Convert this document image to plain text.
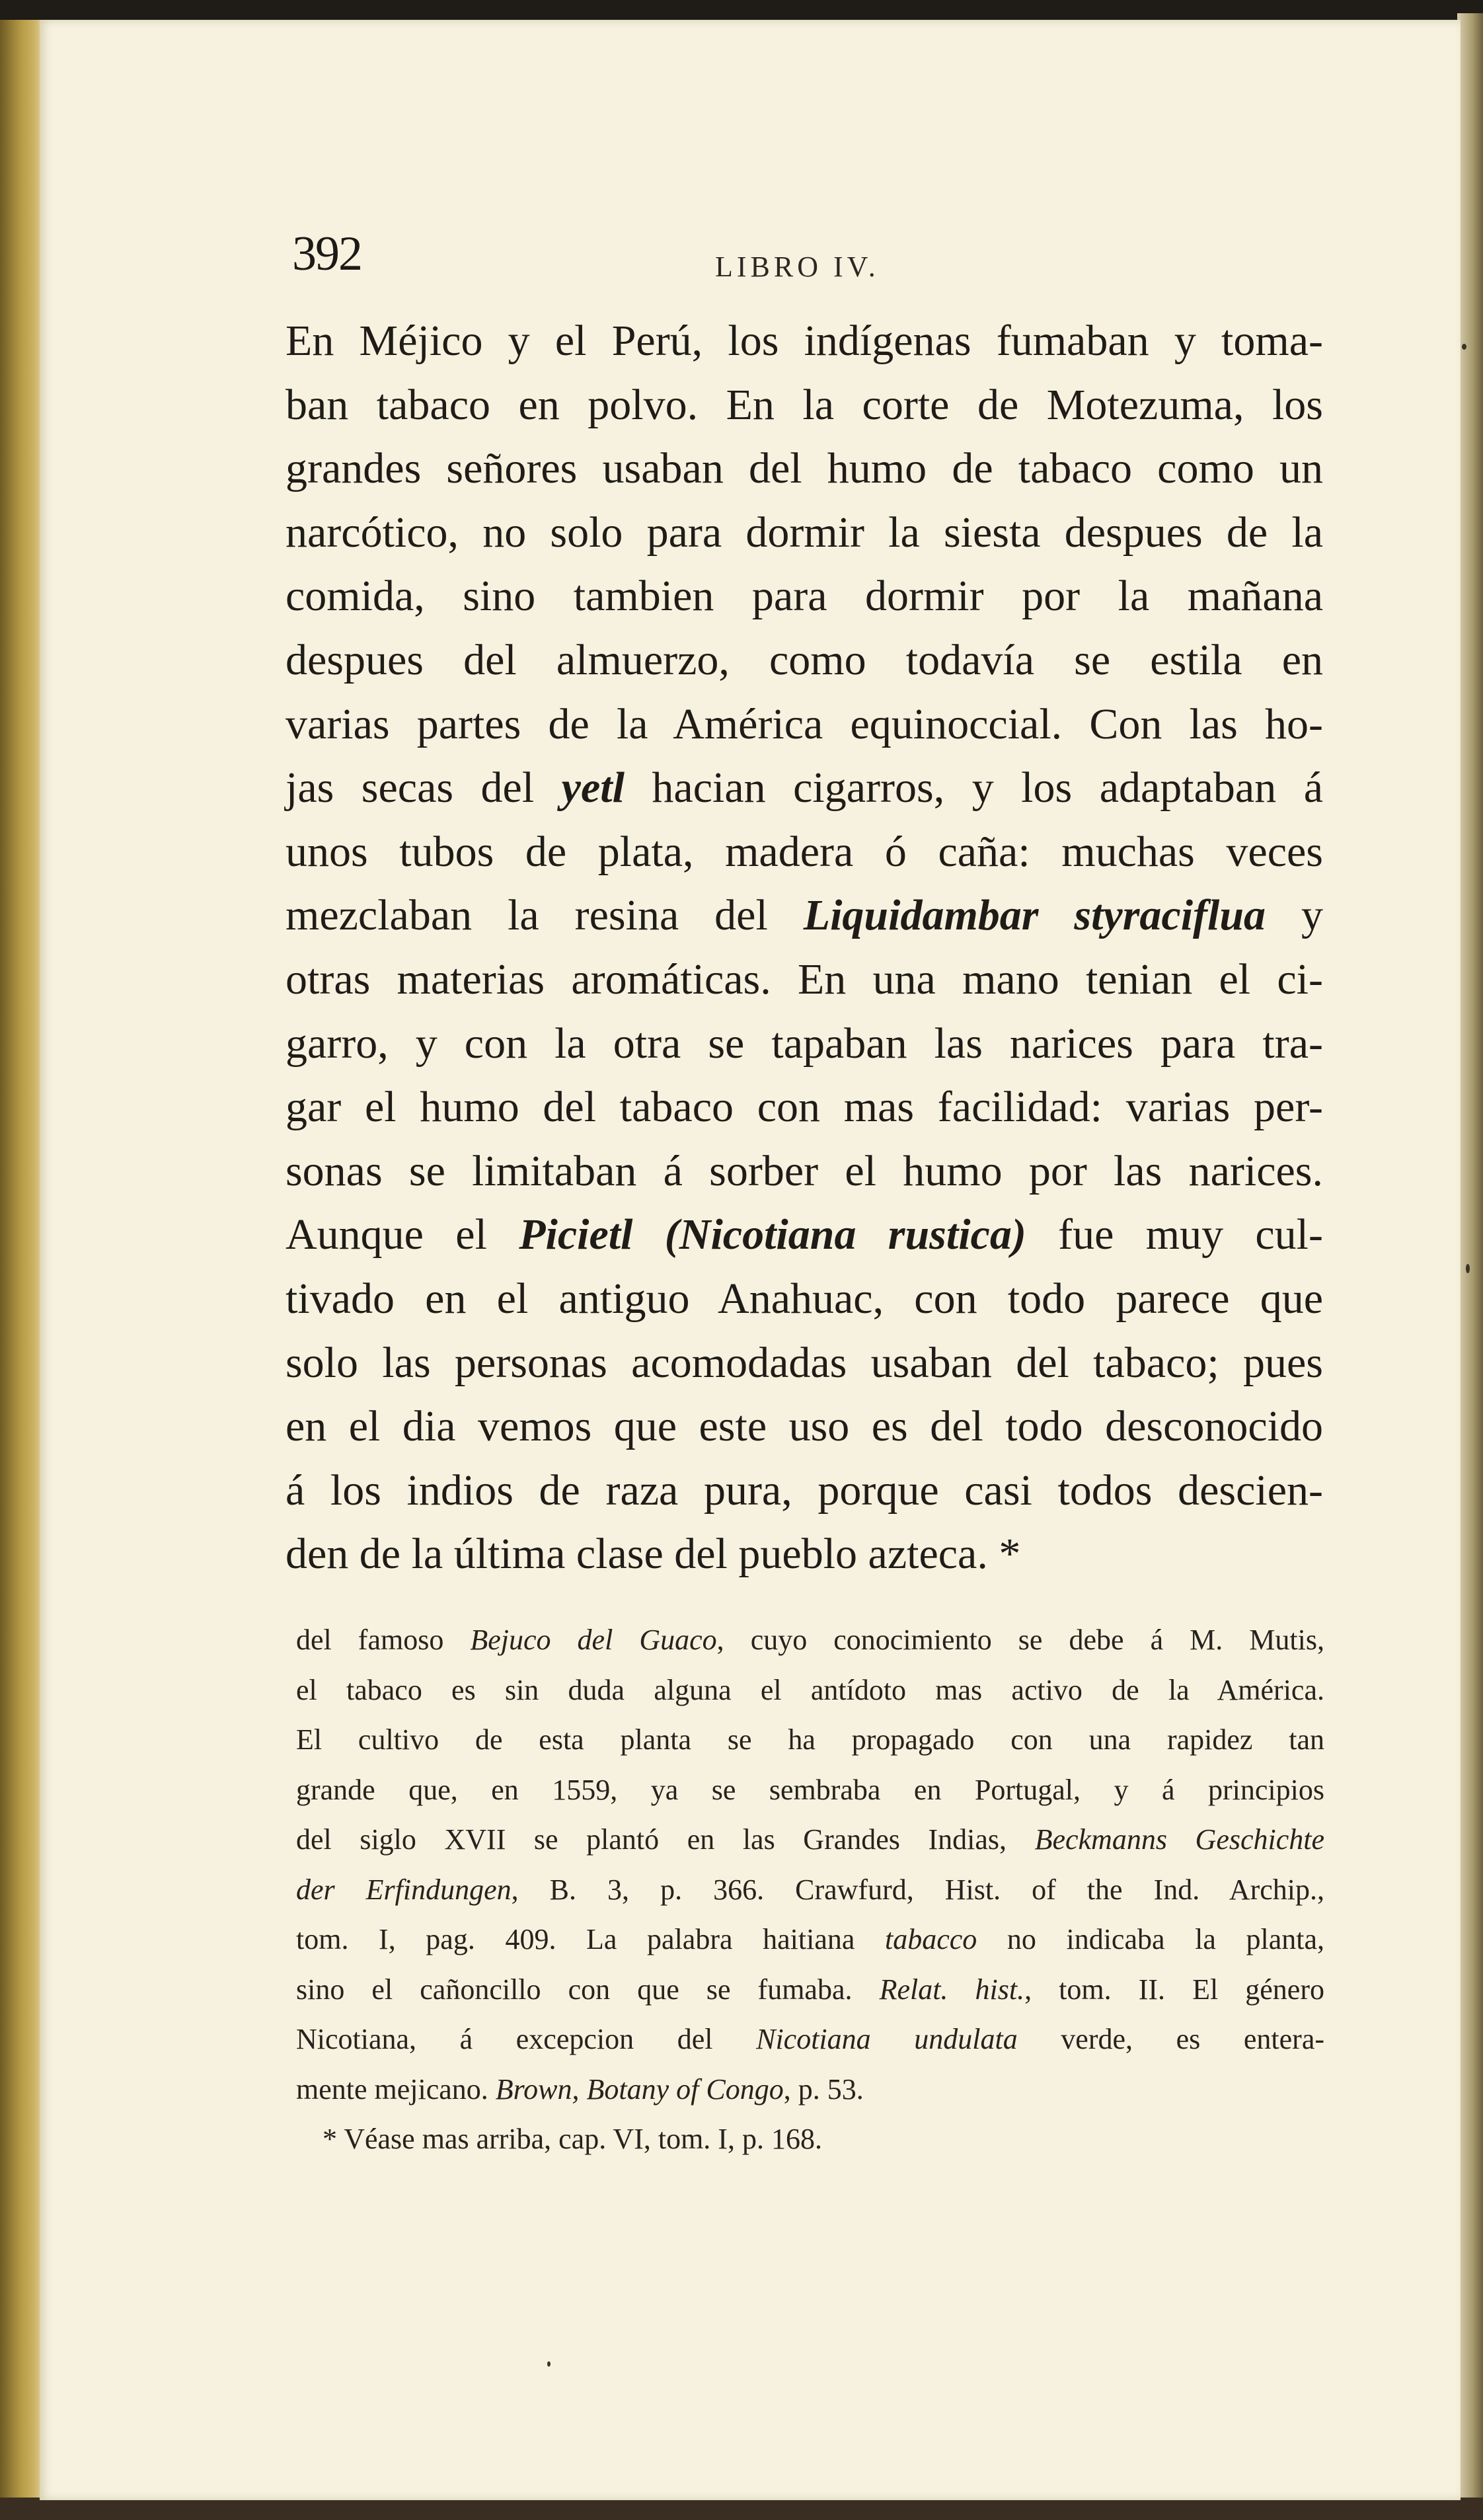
392	LIBRO IV.
En Méjico y el Perú, los indígenas fumaban y toma-
ban tabaco en polvo. En la corte de Motezuma, los
grandes señores usaban del humo de tabaco como un
narcótico, no solo para dormir la siesta despues de la
comida, sino tambien para dormir por la mañana
despues del almuerzo, como todavía se estila en
varias partes de la América equinoccial. Con las ho-
jas secas del yetl hacian cigarros, y los adaptaban á
unos tubos de plata, madera ó caña: muchas veces
mezclaban la resina del Liquidambar styraciflua y
otras materias aromáticas. En una mano tenian el ci-
garro, y con la otra se tapaban las narices para tra-
gar el humo del tabaco con mas facilidad: varias per-
sonas se limitaban á sorber el humo por las narices.
Aunque el Picietl (Nicotiana rustica) fue muy cul-
tivado en el antiguo Anahuac, con todo parece que
solo las personas acomodadas usaban del tabaco; pues
en el dia vemos que este uso es del todo desconocido
á los indios de raza pura, porque casi todos descien-
den de la última clase del pueblo azteca. *
del famoso Bejuco del Guaco, cuyo conocimiento se debe á M. Mutis,
el tabaco es sin duda alguna el antídoto mas activo de la América.
El cultivo de esta planta se ha propagado con una rapidez tan
grande que, en 1559, ya se sembraba en Portugal, y á principios
del siglo XVII se plantó en las Grandes Indias, Beckmanns Geschichte
der Erfindungen, B. 3, p. 366. Crawfurd, Hist. of the Ind. Archip.,
tom. I, pag. 409. La palabra haitiana tabacco no indicaba la planta,
sino el cañoncillo con que se fumaba. Relat. hist., tom. II. El género
Nicotiana, á excepcion del Nicotiana undulata verde, es entera-
mente mejicano. Brown, Botany of Congo, p. 53.
* Véase mas arriba, cap. VI, tom. I, p. 168.
